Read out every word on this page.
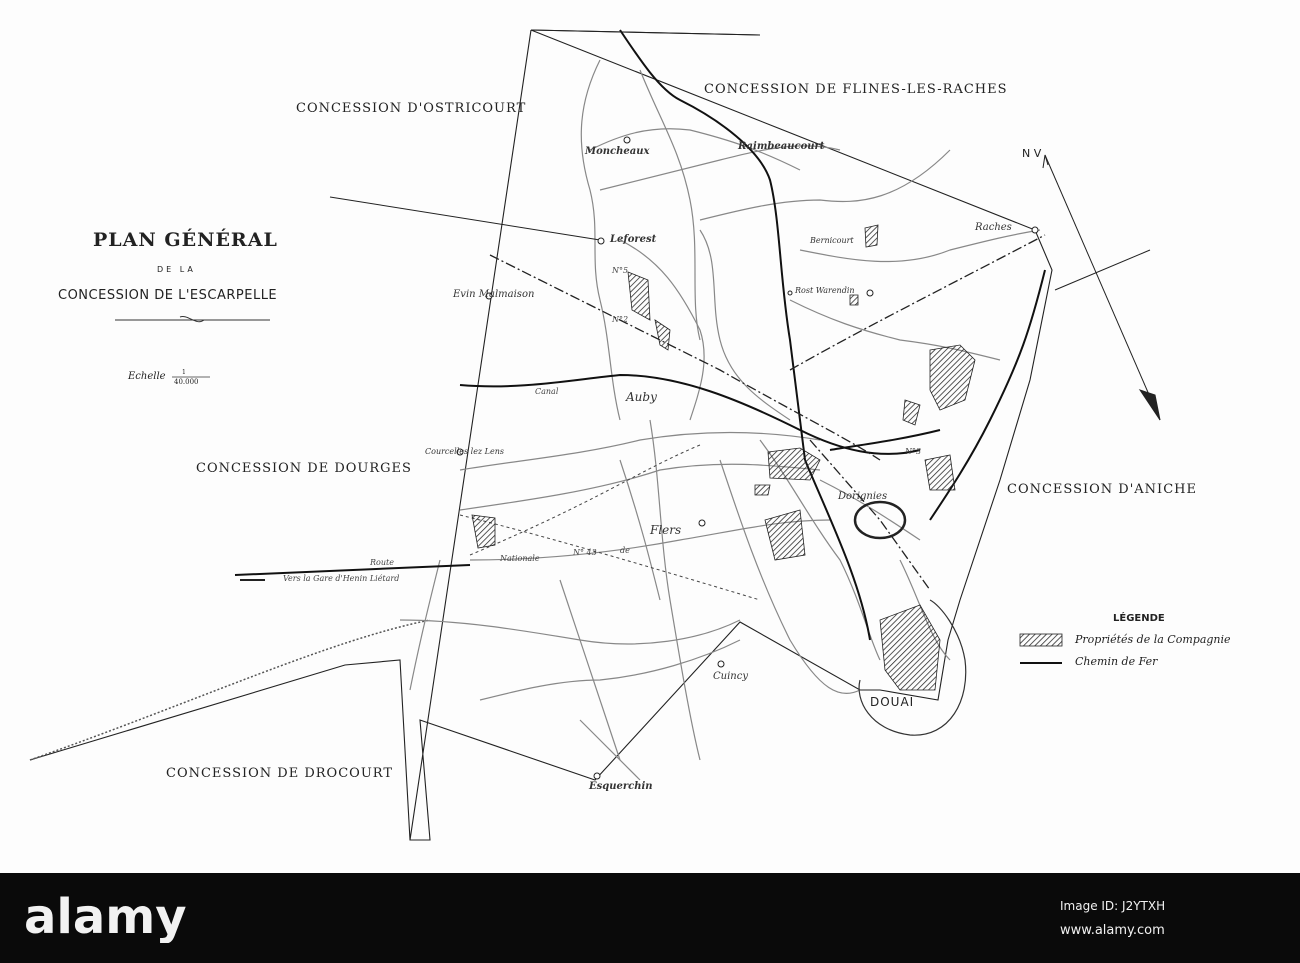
PLAN GÉNÉRAL
DE LA
CONCESSION DE L'ESCARPELLE
Echelle	1
40.000
CONCESSION D'OSTRICOURT
CONCESSION DE FLINES-LES-RACHES
CONCESSION DE DOURGES
CONCESSION D'ANICHE
CONCESSION DE DROCOURT
Moncheaux	Raimbeaucourt
Leforest
Evin Malmaison
Auby
Courcelles lez Lens
Flers
Dorignies
Cuincy
Esquerchin
Raches
Rost Warendin
Bernicourt
DOUAI
Route
Vers la Gare d'Henin Liétard
Nationale
N° 43	de
Canal
N°5
N°2
N°3
N V
LÉGENDE
Propriétés de la Compagnie
Chemin de Fer
alamy	Image ID: J2YTXH
www.alamy.com
